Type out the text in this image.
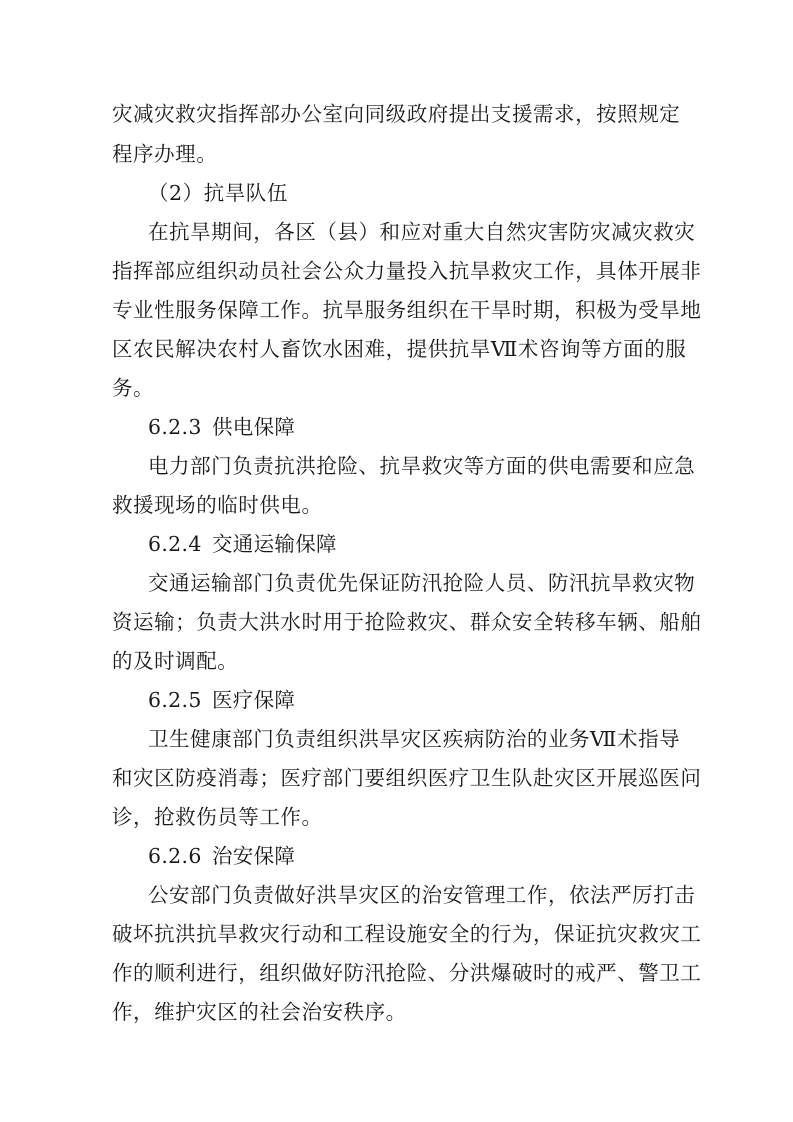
灾减灾救灾指挥部办公室向同级政府提出支援需求，按照规定
程序办理。
（2）抗旱队伍
在抗旱期间，各区（县）和应对重大自然灾害防灾减灾救灾
指挥部应组织动员社会公众力量投入抗旱救灾工作，具体开展非
专业性服务保障工作。抗旱服务组织在干旱时期，积极为受旱地
区农民解决农村人畜饮水困难，提供抗旱Ⅶ术咨询等方面的服
务。
6.2.3 供电保障
电力部门负责抗洪抢险、抗旱救灾等方面的供电需要和应急
救援现场的临时供电。
6.2.4 交通运输保障
交通运输部门负责优先保证防汛抢险人员、防汛抗旱救灾物
资运输；负责大洪水时用于抢险救灾、群众安全转移车辆、船舶
的及时调配。
6.2.5 医疗保障
卫生健康部门负责组织洪旱灾区疾病防治的业务Ⅶ术指导
和灾区防疫消毒；医疗部门要组织医疗卫生队赴灾区开展巡医问
诊，抢救伤员等工作。
6.2.6 治安保障
公安部门负责做好洪旱灾区的治安管理工作，依法严厉打击
破坏抗洪抗旱救灾行动和工程设施安全的行为，保证抗灾救灾工
作的顺利进行，组织做好防汛抢险、分洪爆破时的戒严、警卫工
作，维护灾区的社会治安秩序。
